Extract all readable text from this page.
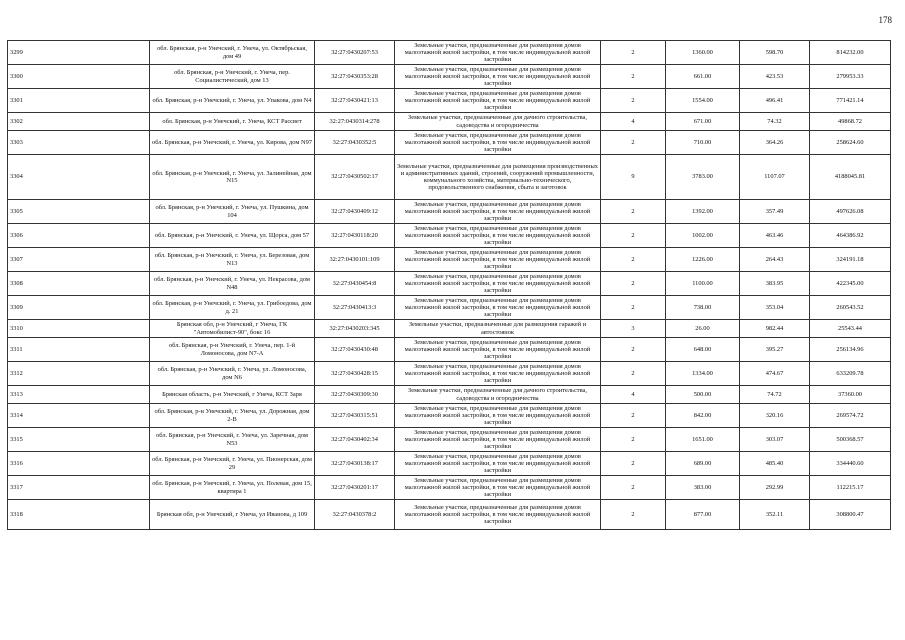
178
3299	обл. Брянская, р-н Унечский, г. Унеча, ул. Октябрьская, дом 49	32:27:0430207:53	Земельные участки, предназначенные для размещения домов малоэтажной жилой застройки, в том числе индивидуальной жилой застройки	2	1360.00	598.70	814232.00
3300	обл. Брянская, р-н Унечский, г. Унеча, пер. Социалистический, дом 13	32:27:0430353:28	Земельные участки, предназначенные для размещения домов малоэтажной жилой застройки, в том числе индивидуальной жилой застройки	2	661.00	423.53	279953.33
3301	обл. Брянская, р-н Унечский, г. Унеча, ул. Упакова, дом N4	32:27:0430421:13	Земельные участки, предназначенные для размещения домов малоэтажной жилой застройки, в том числе индивидуальной жилой застройки	2	1554.00	496.41	771421.14
3302	обл. Брянская, р-н Унечский, г. Унеча, КСТ Рассвет	32:27:0430314:278	Земельные участки, предназначенные для дачного строительства, садоводства и огородничества	4	671.00	74.32	49868.72
3303	обл. Брянская, р-н Унечский, г. Унеча, ул. Кирова, дом N97	32:27:0430352:5	Земельные участки, предназначенные для размещения домов малоэтажной жилой застройки, в том числе индивидуальной жилой застройки	2	710.00	364.26	258624.60
3304	обл. Брянская, р-н Унечский, г. Унеча, ул. Залинейная, дом N15	32:27:0430502:17	Земельные участки, предназначенные для размещения производственных и административных зданий, строений, сооружений промышленности, коммунального хозяйства, материально-технического, продовольственного снабжения, сбыта и заготовок	9	3783.00	1107.07	4188045.81
3305	обл. Брянская, р-н Унечский, г. Унеча, ул. Пушкина, дом 104	32:27:0430409:12	Земельные участки, предназначенные для размещения домов малоэтажной жилой застройки, в том числе индивидуальной жилой застройки	2	1392.00	357.49	497626.08
3306	обл. Брянская, р-н Унечский, г. Унеча, ул. Щорса, дом 57	32:27:0430118:20	Земельные участки, предназначенные для размещения домов малоэтажной жилой застройки, в том числе индивидуальной жилой застройки	2	1002.00	463.46	464386.92
3307	обл. Брянская, р-н Унечский, г. Унеча, ул. Березовая, дом N13	32:27:0430101:109	Земельные участки, предназначенные для размещения домов малоэтажной жилой застройки, в том числе индивидуальной жилой застройки	2	1226.00	264.43	324191.18
3308	обл. Брянская, р-н Унечский, г. Унеча, ул. Некрасова, дом N48	32:27:0430454:8	Земельные участки, предназначенные для размещения домов малоэтажной жилой застройки, в том числе индивидуальной жилой застройки	2	1100.00	383.95	422345.00
3309	обл. Брянская, р-н Унечский, г. Унеча, ул. Грибоедова, дом д. 21	32:27:0430413:3	Земельные участки, предназначенные для размещения домов малоэтажной жилой застройки, в том числе индивидуальной жилой застройки	2	738.00	353.04	260543.52
3310	Брянская обл, р-н Унечский, г Унеча, ГК "Автомобилист-90", бокс 16	32:27:0430203:345	Земельные участки, предназначенные для размещения гаражей и автостоянок	3	26.00	982.44	25543.44
3311	обл. Брянская, р-н Унечский, г. Унеча, пер. 1-й Ломоносова, дом N7-А	32:27:0430430:48	Земельные участки, предназначенные для размещения домов малоэтажной жилой застройки, в том числе индивидуальной жилой застройки	2	648.00	395.27	256134.96
3312	обл. Брянская, р-н Унечский, г. Унеча, ул. Ломоносова, дом N6	32:27:0430428:15	Земельные участки, предназначенные для размещения домов малоэтажной жилой застройки, в том числе индивидуальной жилой застройки	2	1334.00	474.67	633209.78
3313	Брянская область, р-н Унечский, г Унеча, КСТ Заря	32:27:0430309:30	Земельные участки, предназначенные для дачного строительства, садоводства и огородничества	4	500.00	74.72	37360.00
3314	обл. Брянская, р-н Унечский, г. Унеча, ул. Дорожная, дом 2-В	32:27:0430315:51	Земельные участки, предназначенные для размещения домов малоэтажной жилой застройки, в том числе индивидуальной жилой застройки	2	842.00	320.16	269574.72
3315	обл. Брянская, р-н Унечский, г. Унеча, ул. Заречная, дом N53	32:27:0430402:34	Земельные участки, предназначенные для размещения домов малоэтажной жилой застройки, в том числе индивидуальной жилой застройки	2	1651.00	303.07	500368.57
3316	обл. Брянская, р-н Унечский, г. Унеча, ул. Пионерская, дом 29	32:27:0430138:17	Земельные участки, предназначенные для размещения домов малоэтажной жилой застройки, в том числе индивидуальной жилой застройки	2	689.00	485.40	334440.60
3317	обл. Брянская, р-н Унечский, г. Унеча, ул. Полевая, дом 15, квартира 1	32:27:0430201:17	Земельные участки, предназначенные для размещения домов малоэтажной жилой застройки, в том числе индивидуальной жилой застройки	2	383.00	292.99	112215.17
3318	Брянская обл, р-н Унечский, г Унеча, ул Иванова, д 109	32:27:0430378:2	Земельные участки, предназначенные для размещения домов малоэтажной жилой застройки, в том числе индивидуальной жилой застройки	2	877.00	352.11	308800.47
